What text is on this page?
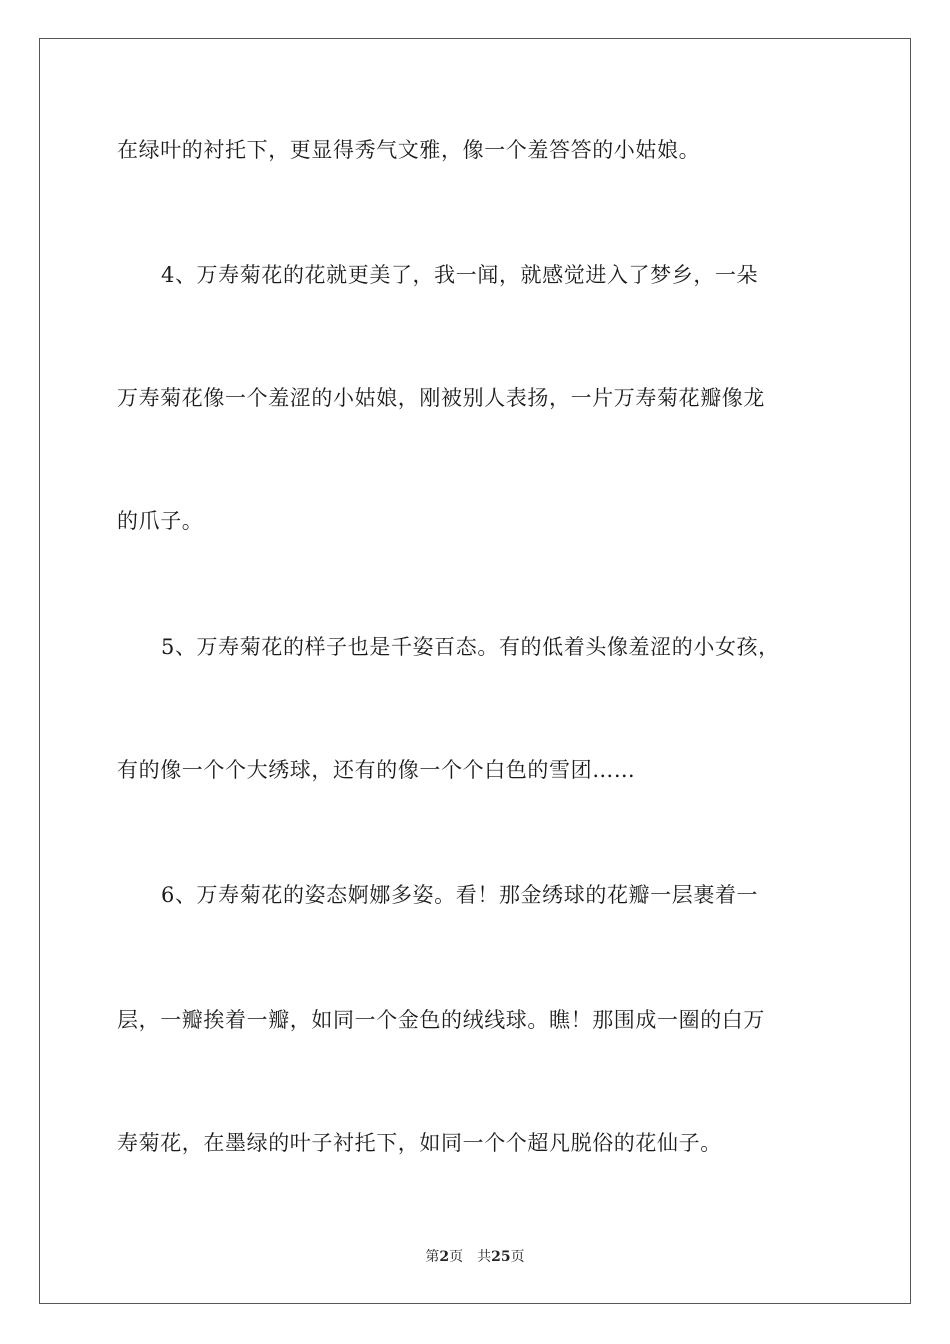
在绿叶的衬托下，更显得秀气文雅，像一个羞答答的小姑娘。
4、万寿菊花的花就更美了，我一闻，就感觉进入了梦乡，一朵
万寿菊花像一个羞涩的小姑娘，刚被别人表扬，一片万寿菊花瓣像龙
的爪子。
5、万寿菊花的样子也是千姿百态。有的低着头像羞涩的小女孩，
有的像一个个大绣球，还有的像一个个白色的雪团……
6、万寿菊花的姿态婀娜多姿。看！那金绣球的花瓣一层裹着一
层，一瓣挨着一瓣，如同一个金色的绒线球。瞧！那围成一圈的白万
寿菊花，在墨绿的叶子衬托下，如同一个个超凡脱俗的花仙子。
第2页 共25页
